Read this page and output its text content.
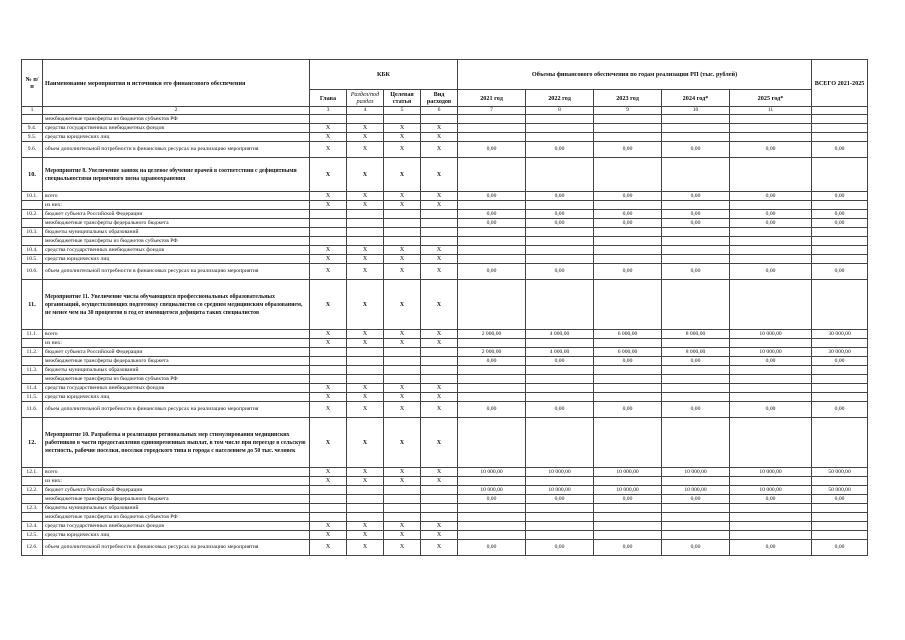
№ п/п	Наименование мероприятия и источники его финансового обеспечения	КБК				Объемы финансового обеспечения по годам реализации РП (тыс. рублей)					ВСЕГО 2021-2025
		Глава	Раздел/под раздел	Целевая статья	Вид расходов	2021 год	2022 год	2023 год	2024 год*	2025 год*	
1	2	3	4	5	6	7	8	9	10	11	
	межбюджетные трансферты из бюджетов субъектов РФ										
9.4.	средства государственных внебюджетных фондов	X	X	X	X						
9.5.	средства юридических лиц	X	X	X	X						
9.6.	объем дополнительной потребности в финансовых ресурсах на реализацию мероприятия	X	X	X	X	0,00	0,00	0,00	0,00	0,00	0,00
10.	Мероприятие 8. Увеличение заявок на целевое обучение врачей в соответствии с дефицитными специальностями первичного звена здравоохранения	X	X	X	X						
10.1.	всего	X	X	X	X	0,00	0,00	0,00	0,00	0,00	0,00
	из них:	X	X	X	X						
10.2.	бюджет субъекта Российской Федерации					0,00	0,00	0,00	0,00	0,00	0,00
	межбюджетные трансферты федерального бюджета					0,00	0,00	0,00	0,00	0,00	0,00
10.3.	бюджеты муниципальных образований										
	межбюджетные трансферты из бюджетов субъектов РФ										
10.4.	средства государственных внебюджетных фондов	X	X	X	X						
10.5.	средства юридических лиц	X	X	X	X						
10.6.	объем дополнительной потребности в финансовых ресурсах на реализацию мероприятия	X	X	X	X	0,00	0,00	0,00	0,00	0,00	0,00
11.	Мероприятие 11. Увеличение числа обучающихся профессиональных образовательных организаций, осуществляющих подготовку специалистов со средним медицинским образованием, не менее чем на 30 процентов в год от имеющегося дефицита таких специалистов	X	X	X	X						
11.1.	всего	X	X	X	X	2 000,00	4 000,00	6 000,00	8 000,00	10 000,00	30 000,00
	из них:	X	X	X	X						
11.2.	бюджет субъекта Российской Федерации					2 000,00	4 000,00	6 000,00	8 000,00	10 000,00	30 000,00
	межбюджетные трансферты федерального бюджета					0,00	0,00	0,00	0,00	0,00	0,00
11.3.	бюджеты муниципальных образований										
	межбюджетные трансферты из бюджетов субъектов РФ										
11.4.	средства государственных внебюджетных фондов	X	X	X	X						
11.5.	средства юридических лиц	X	X	X	X						
11.6.	объем дополнительной потребности в финансовых ресурсах на реализацию мероприятия	X	X	X	X	0,00	0,00	0,00	0,00	0,00	0,00
12.	Мероприятие 10. Разработка и реализация региональных мер стимулирования медицинских работников в части предоставления единовременных выплат, в том числе при переезде в сельскую местность, рабочие поселки, поселки городского типа и города с населением до 50 тыс. человек	X	X	X	X						
12.1.	всего	X	X	X	X	10 000,00	10 000,00	10 000,00	10 000,00	10 000,00	50 000,00
	из них:	X	X	X	X						
12.2.	бюджет субъекта Российской Федерации					10 000,00	10 000,00	10 000,00	10 000,00	10 000,00	50 000,00
	межбюджетные трансферты федерального бюджета					0,00	0,00	0,00	0,00	0,00	0,00
12.3.	бюджеты муниципальных образований										
	межбюджетные трансферты из бюджетов субъектов РФ										
12.4.	средства государственных внебюджетных фондов	X	X	X	X						
12.5.	средства юридических лиц	X	X	X	X						
12.6.	объем дополнительной потребности в финансовых ресурсах на реализацию мероприятия	X	X	X	X	0,00	0,00	0,00	0,00	0,00	0,00
